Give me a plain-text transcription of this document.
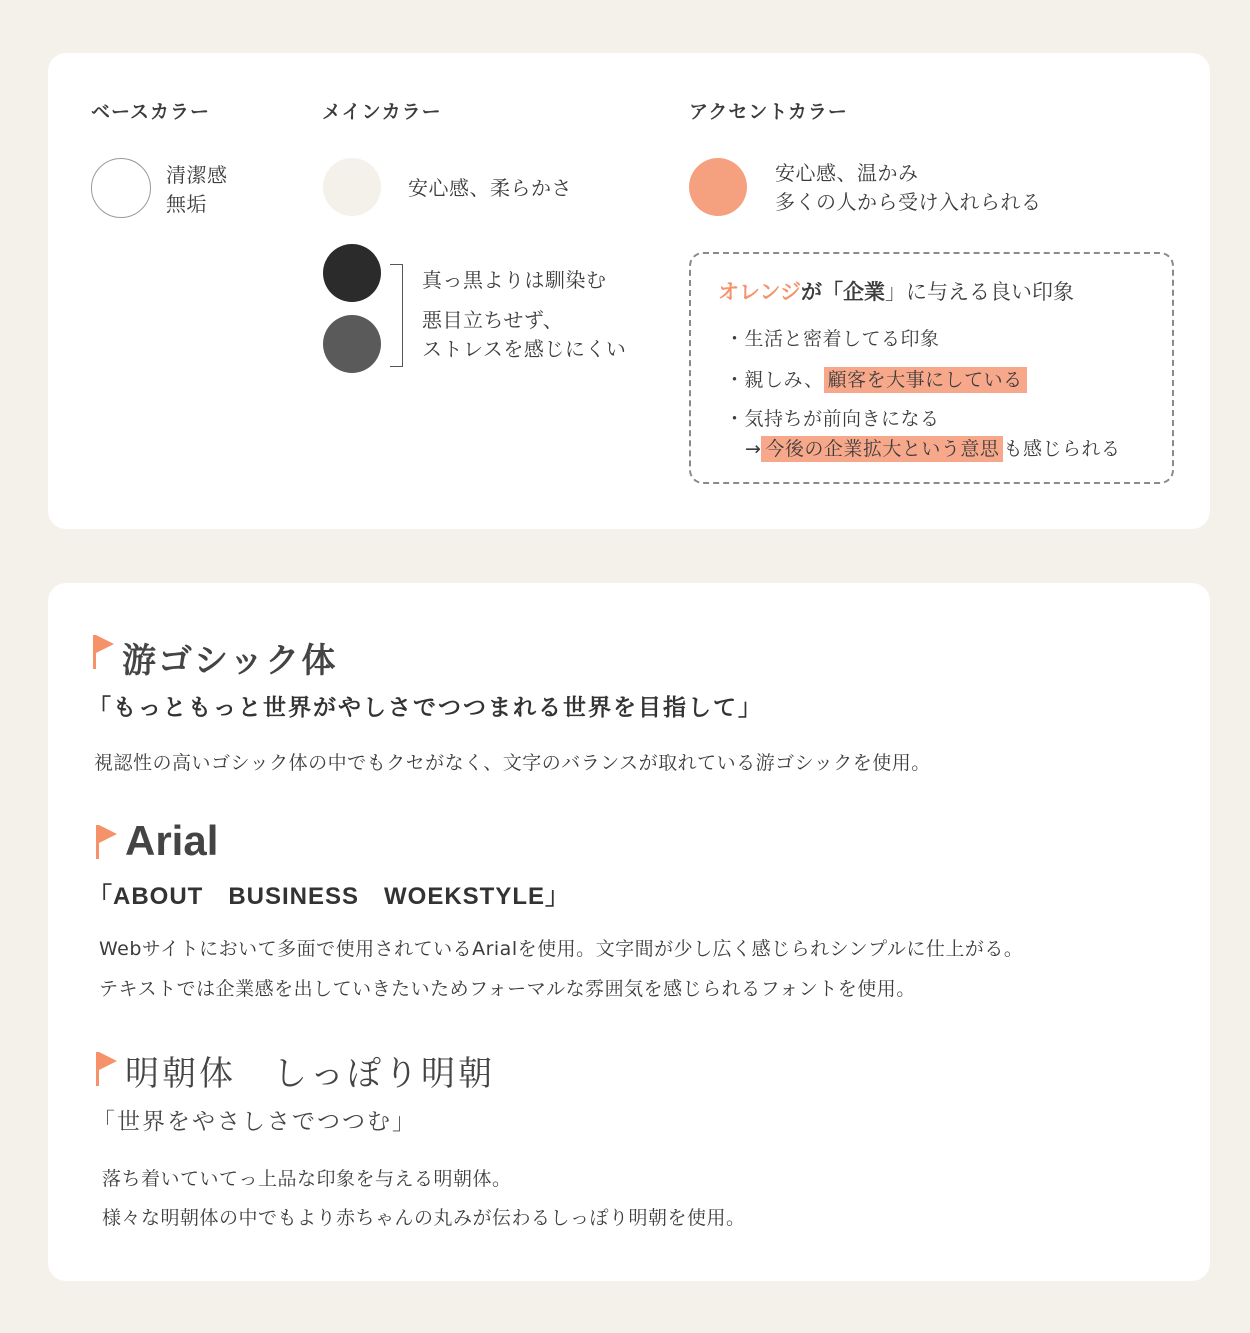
ベースカラー
清潔感
無垢
メインカラー
安心感、柔らかさ
真っ黒よりは馴染む
悪目立ちせず、
ストレスを感じにくい
アクセントカラー
安心感、温かみ
多くの人から受け入れられる
オレンジが「企業」に与える良い印象
・生活と密着してる印象
・親しみ、 顧客を大事にしている
・気持ちが前向きになる
→ 今後の企業拡大という意思 も感じられる
游ゴシック体
「もっともっと世界がやしさでつつまれる世界を目指して」
視認性の高いゴシック体の中でもクセがなく、文字のバランスが取れている游ゴシックを使用。
Arial
「ABOUT　BUSINESS　WOEKSTYLE」
Webサイトにおいて多面で使用されているArialを使用。文字間が少し広く感じられシンプルに仕上がる。
テキストでは企業感を出していきたいためフォーマルな雰囲気を感じられるフォントを使用。
明朝体　しっぽり明朝
「世界をやさしさでつつむ」
落ち着いていてっ上品な印象を与える明朝体。
様々な明朝体の中でもより赤ちゃんの丸みが伝わるしっぽり明朝を使用。
